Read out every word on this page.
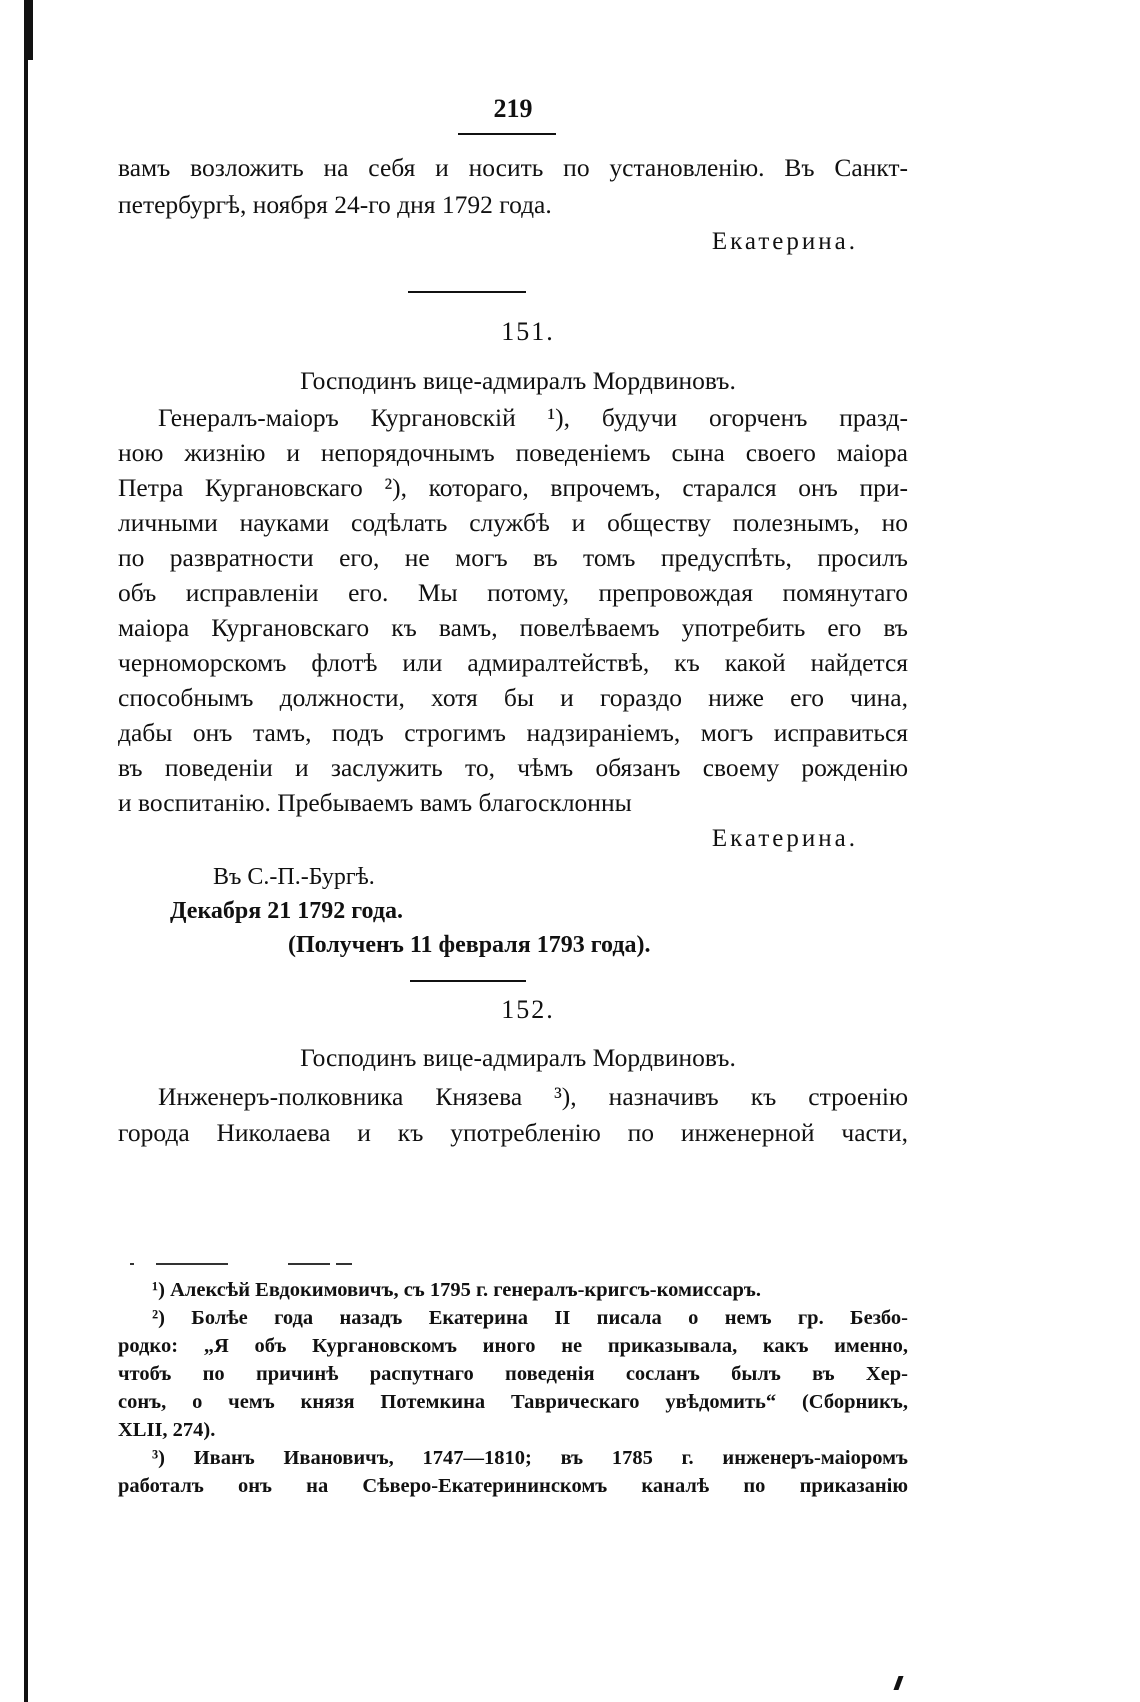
219
вамъ возложить на себя и носить по установленію. Въ Санкт-
петербургѣ, ноября 24-го дня 1792 года.
Екатерина.
151.
Господинъ вице-адмиралъ Мордвиновъ.
Генералъ-маіоръ Кургановскій ¹), будучи огорченъ празд-
ною жизнію и непорядочнымъ поведеніемъ сына своего маіора
Петра Кургановскаго ²), котораго, впрочемъ, старался онъ при-
личными науками содѣлать службѣ и обществу полезнымъ, но
по развратности его, не могъ въ томъ предуспѣть, просилъ
объ исправленіи его. Мы потому, препровождая помянутаго
маіора Кургановскаго къ вамъ, повелѣваемъ употребить его въ
черноморскомъ флотѣ или адмиралтействѣ, къ какой найдется
способнымъ должности, хотя бы и гораздо ниже его чина,
дабы онъ тамъ, подъ строгимъ надзираніемъ, могъ исправиться
въ поведеніи и заслужить то, чѣмъ обязанъ своему рожденію
и воспитанію. Пребываемъ вамъ благосклонны
Екатерина.
Въ С.-П.-Бургѣ.
Декабря 21 1792 года.
(Полученъ 11 февраля 1793 года).
152.
Господинъ вице-адмиралъ Мордвиновъ.
Инженеръ-полковника Князева ³), назначивъ къ строенію
города Николаева и къ употребленію по инженерной части,
¹) Алексѣй Евдокимовичъ, съ 1795 г. генералъ-кригсъ-комиссаръ.
²) Болѣе года назадъ Екатерина II писала о немъ гр. Безбо-
родко: „Я объ Кургановскомъ иного не приказывала, какъ именно,
чтобъ по причинѣ распутнаго поведенія сосланъ былъ въ Хер-
сонъ, о чемъ князя Потемкина Таврическаго увѣдомить“ (Сборникъ,
XLII, 274).
³) Иванъ Ивановичъ, 1747—1810; въ 1785 г. инженеръ-маіоромъ
работалъ онъ на Сѣверо-Екатерининскомъ каналѣ по приказанію
